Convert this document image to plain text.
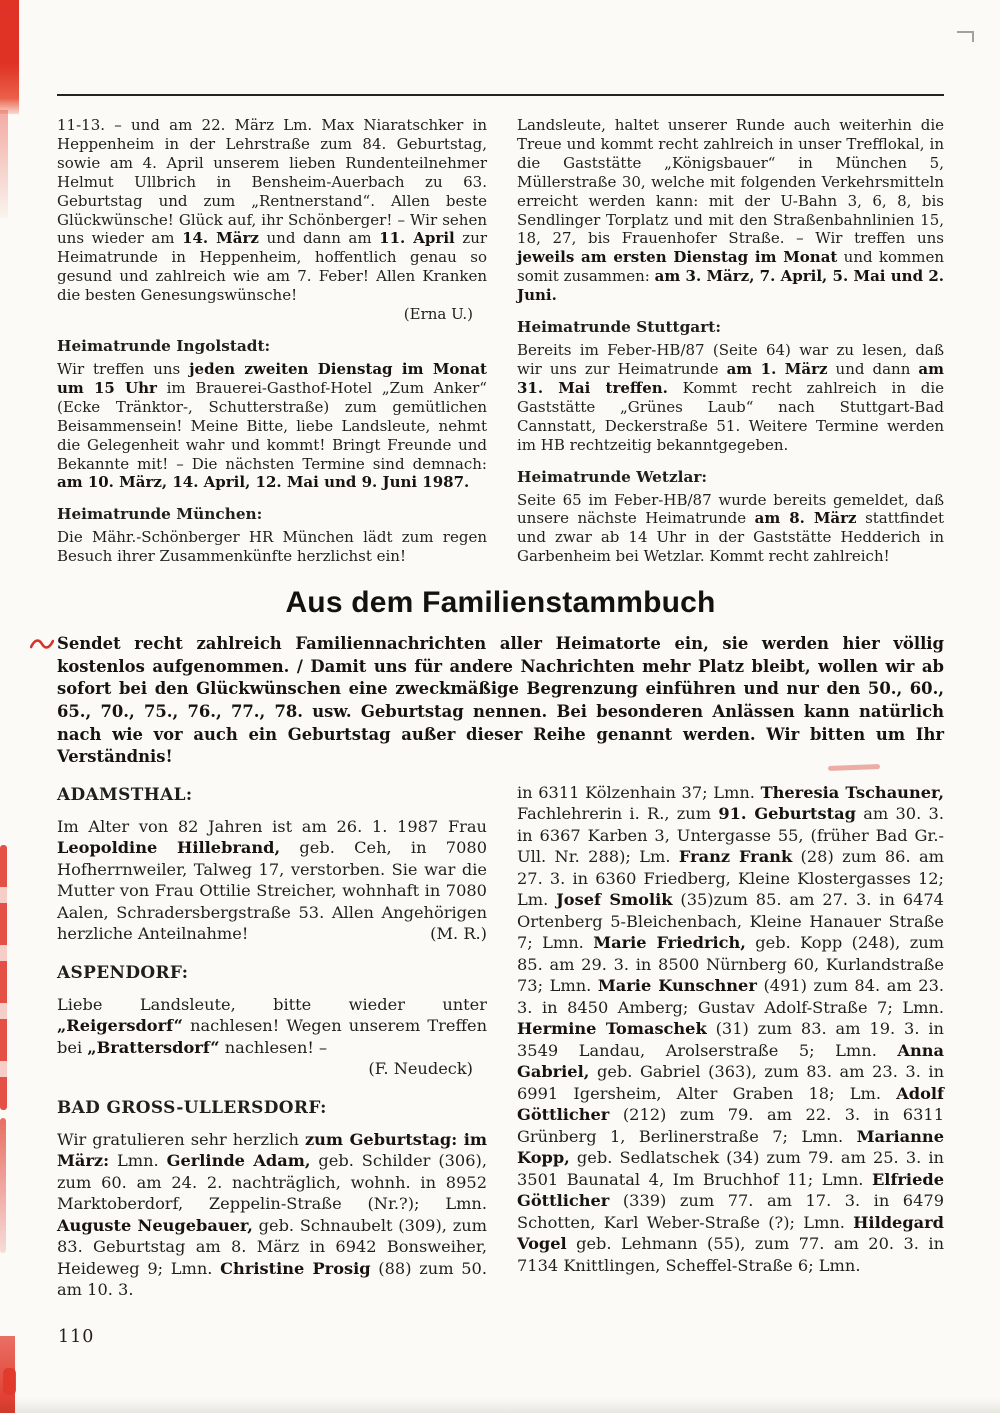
11-13. – und am 22. März Lm. Max Niaratschker in Heppenheim in der Lehrstraße zum 84. Geburtstag, sowie am 4. April unserem lieben Rundenteilnehmer Helmut Ullbrich in Bensheim-Auerbach zu 63. Geburtstag und zum „Rentnerstand“. Allen beste Glückwünsche! Glück auf, ihr Schönberger! – Wir sehen uns wieder am 14. März und dann am 11. April zur Heimatrunde in Heppenheim, hoffentlich genau so gesund und zahlreich wie am 7. Feber! Allen Kranken die besten Genesungswünsche!

(Erna U.)

Heimatrunde Ingolstadt:

Wir treffen uns jeden zweiten Dienstag im Monat um 15 Uhr im Brauerei-Gasthof-Hotel „Zum Anker“ (Ecke Tränktor-, Schutterstraße) zum gemütlichen Beisammensein! Meine Bitte, liebe Landsleute, nehmt die Gelegenheit wahr und kommt! Bringt Freunde und Bekannte mit! – Die nächsten Termine sind demnach: am 10. März, 14. April, 12. Mai und 9. Juni 1987.

Heimatrunde München:

Die Mähr.-Schönberger HR München lädt zum regen Besuch ihrer Zusammenkünfte herzlichst ein!

Landsleute, haltet unserer Runde auch weiterhin die Treue und kommt recht zahlreich in unser Trefflokal, in die Gaststätte „Königsbauer“ in München 5, Müllerstraße 30, welche mit folgenden Verkehrsmitteln erreicht werden kann: mit der U-Bahn 3, 6, 8, bis Sendlinger Torplatz und mit den Straßenbahnlinien 15, 18, 27, bis Frauenhofer Straße. – Wir treffen uns jeweils am ersten Dienstag im Monat und kommen somit zusammen: am 3. März, 7. April, 5. Mai und 2. Juni.

Heimatrunde Stuttgart:

Bereits im Feber-HB/87 (Seite 64) war zu lesen, daß wir uns zur Heimatrunde am 1. März und dann am 31. Mai treffen. Kommt recht zahlreich in die Gaststätte „Grünes Laub“ nach Stuttgart-Bad Cannstatt, Deckerstraße 51. Weitere Termine werden im HB rechtzeitig bekanntgegeben.

Heimatrunde Wetzlar:

Seite 65 im Feber-HB/87 wurde bereits gemeldet, daß unsere nächste Heimatrunde am 8. März stattfindet und zwar ab 14 Uhr in der Gaststätte Hedderich in Garbenheim bei Wetzlar. Kommt recht zahlreich!

Aus dem Familienstammbuch
Sendet recht zahlreich Familiennachrichten aller Heimatorte ein, sie werden hier völlig kostenlos aufgenommen. / Damit uns für andere Nachrichten mehr Platz bleibt, wollen wir ab sofort bei den Glückwünschen eine zweckmäßige Begrenzung einführen und nur den 50., 60., 65., 70., 75., 76., 77., 78. usw. Geburtstag nennen. Bei besonderen Anlässen kann natürlich nach wie vor auch ein Geburtstag außer dieser Reihe genannt werden. Wir bitten um Ihr Verständnis!

ADAMSTHAL:

Im Alter von 82 Jahren ist am 26. 1. 1987 Frau Leopoldine Hillebrand, geb. Ceh, in 7080 Hofherrnweiler, Talweg 17, verstorben. Sie war die Mutter von Frau Ottilie Streicher, wohnhaft in 7080 Aalen, Schradersbergstraße 53. Allen Angehörigen herzliche Anteilnahme!	(M. R.)

ASPENDORF:

Liebe Landsleute, bitte wieder unter „Reigersdorf“ nachlesen! Wegen unserem Treffen bei „Brattersdorf“ nachlesen! –

(F. Neudeck)

BAD GROSS-ULLERSDORF:

Wir gratulieren sehr herzlich zum Geburtstag: im März: Lmn. Gerlinde Adam, geb. Schilder (306), zum 60. am 24. 2. nachträglich, wohnh. in 8952 Marktoberdorf, Zeppelin-Straße (Nr.?); Lmn. Auguste Neugebauer, geb. Schnaubelt (309), zum 83. Geburtstag am 8. März in 6942 Bonsweiher, Heideweg 9; Lmn. Christine Prosig (88) zum 50. am 10. 3.

in 6311 Kölzenhain 37; Lmn. Theresia Tschauner, Fachlehrerin i. R., zum 91. Geburtstag am 30. 3. in 6367 Karben 3, Untergasse 55, (früher Bad Gr.-Ull. Nr. 288); Lm. Franz Frank (28) zum 86. am 27. 3. in 6360 Friedberg, Kleine Klostergasses 12; Lm. Josef Smolik (35)zum 85. am 27. 3. in 6474 Ortenberg 5-Bleichenbach, Kleine Hanauer Straße 7; Lmn. Marie Friedrich, geb. Kopp (248), zum 85. am 29. 3. in 8500 Nürnberg 60, Kurlandstraße 73; Lmn. Marie Kunschner (491) zum 84. am 23. 3. in 8450 Amberg; Gustav Adolf-Straße 7; Lmn. Hermine Tomaschek (31) zum 83. am 19. 3. in 3549 Landau, Arolserstraße 5; Lmn. Anna Gabriel, geb. Gabriel (363), zum 83. am 23. 3. in 6991 Igersheim, Alter Graben 18; Lm. Adolf Göttlicher (212) zum 79. am 22. 3. in 6311 Grünberg 1, Berlinerstraße 7; Lmn. Marianne Kopp, geb. Sedlatschek (34) zum 79. am 25. 3. in 3501 Baunatal 4, Im Bruchhof 11; Lmn. Elfriede Göttlicher (339) zum 77. am 17. 3. in 6479 Schotten, Karl Weber-Straße (?); Lmn. Hildegard Vogel geb. Lehmann (55), zum 77. am 20. 3. in 7134 Knittlingen, Scheffel-Straße 6; Lmn.

110
